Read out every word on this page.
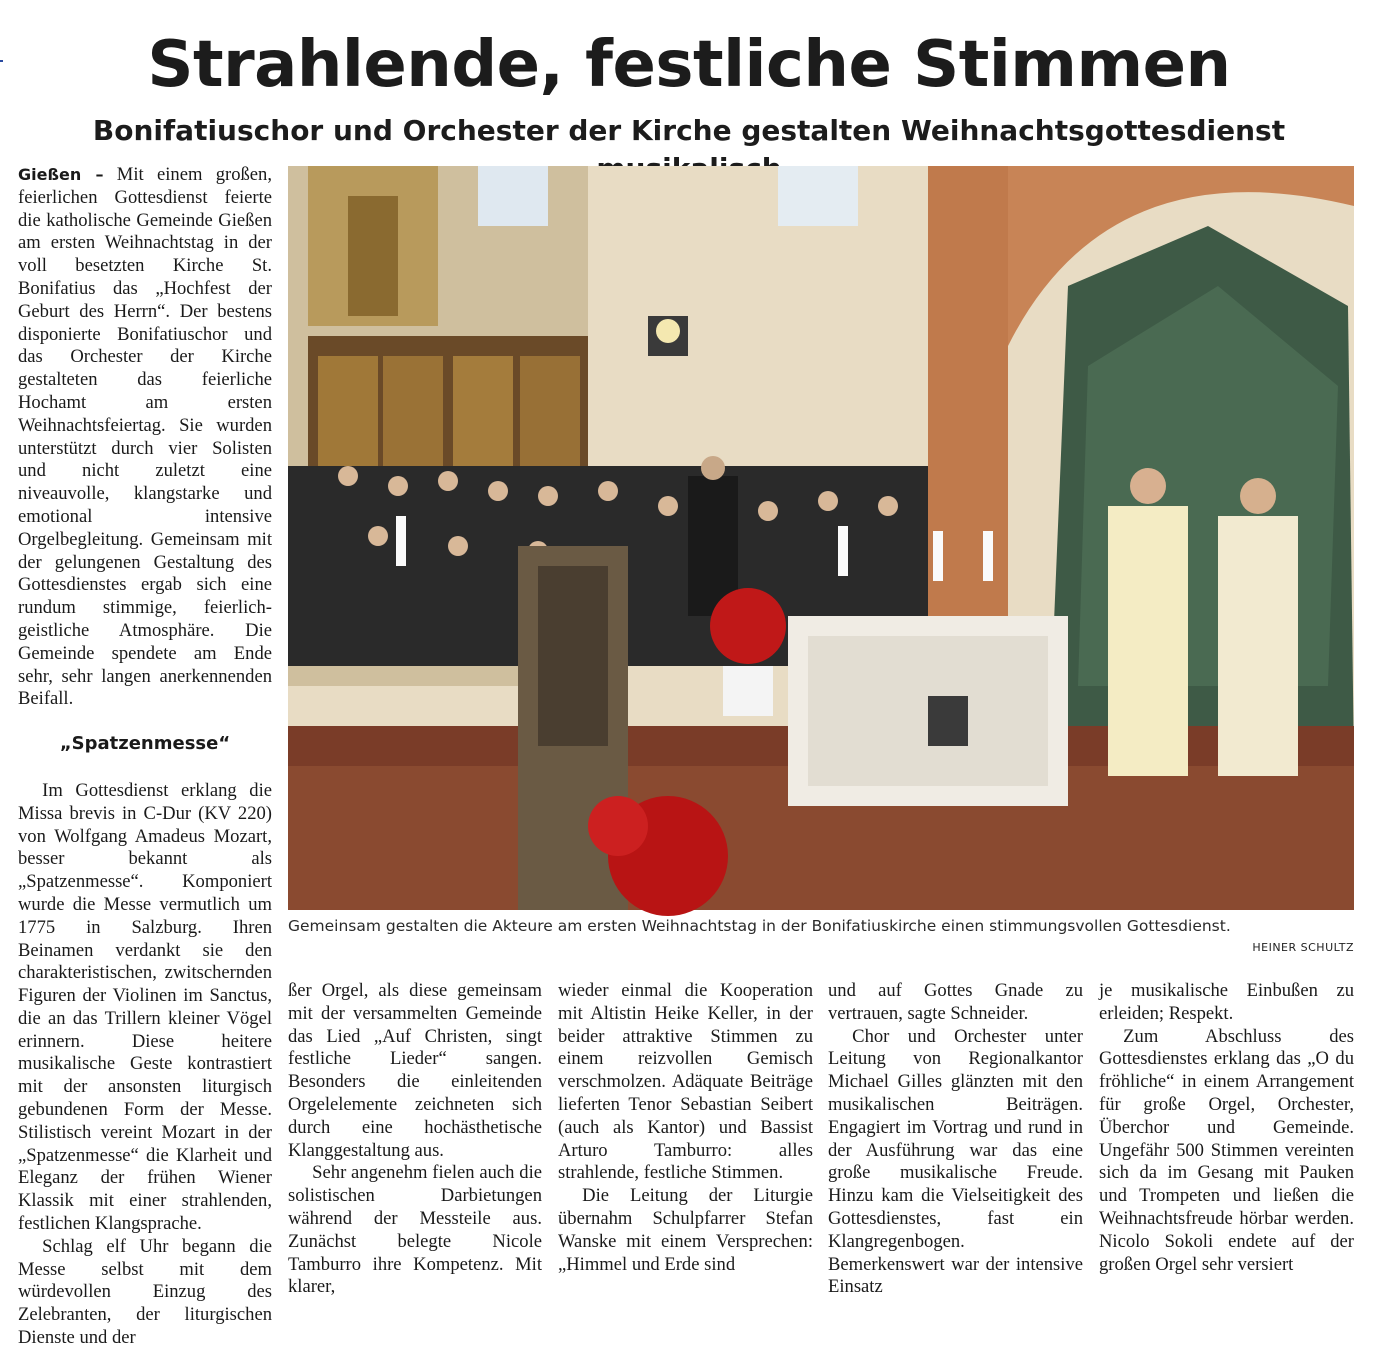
Strahlende, festliche Stimmen
Bonifatiuschor und Orchester der Kirche gestalten Weihnachtsgottesdienst

Gießen – Mit einem großen, feierlichen Gottesdienst feierte die katholische Gemeinde Gießen am ersten Weihnachtstag in der voll besetzten Kirche St. Bonifatius das „Hochfest der Geburt des Herrn“. Der bestens disponierte Bonifatiuschor und das Orchester der Kirche gestalteten das feierliche Hochamt am ersten Weihnachtsfeiertag. Sie wurden unterstützt durch vier Solisten und nicht zuletzt eine niveauvolle, klangstarke und emotional intensive Orgelbegleitung. Gemeinsam mit der gelungenen Gestaltung des Gottesdienstes ergab sich eine rundum stimmige, feierlich-geistliche Atmosphäre. Die Gemeinde spendete am Ende sehr, sehr langen anerkennenden Beifall.

„Spatzenmesse“

Im Gottesdienst erklang die Missa brevis in C-Dur (KV 220) von Wolfgang Amadeus Mozart, besser bekannt als „Spatzenmesse“. Komponiert wurde die Messe vermutlich um 1775 in Salzburg. Ihren Beinamen verdankt sie den charakteristischen, zwitschernden Figuren der Violinen im Sanctus, die an das Trillern kleiner Vögel erinnern. Diese heitere musikalische Geste kontrastiert mit der ansonsten liturgisch gebundenen Form der Messe. Stilistisch vereint Mozart in der „Spatzenmesse“ die Klarheit und Eleganz der frühen Wiener Klassik mit einer strahlenden, festlichen Klangsprache.

Schlag elf Uhr begann die Messe selbst mit dem würdevollen Einzug des Zelebranten, der liturgischen Dienste und der

Gemeinsam gestalten die Akteure am ersten Weihnachtstag in der Bonifatiuskirche einen stimmungsvollen Gottesdienst.
HEINER SCHULTZ

ßer Orgel, als diese gemeinsam mit der versammelten Gemeinde das Lied „Auf Christen, singt festliche Lieder“ sangen. Besonders die einleitenden Orgelelemente zeichneten sich durch eine hochästhetische Klanggestaltung aus.

Sehr angenehm fielen auch die solistischen Darbietungen während der Messteile aus. Zunächst belegte Nicole Tamburro ihre Kompetenz. Mit klarer,

wieder einmal die Kooperation mit Altistin Heike Keller, in der beider attraktive Stimmen zu einem reizvollen Gemisch verschmolzen. Adäquate Beiträge lieferten Tenor Sebastian Seibert (auch als Kantor) und Bassist Arturo Tamburro: alles strahlende, festliche Stimmen.

Die Leitung der Liturgie übernahm Schulpfarrer Stefan Wanske mit einem Versprechen: „Himmel und Erde sind

und auf Gottes Gnade zu vertrauen, sagte Schneider.

Chor und Orchester unter Leitung von Regionalkantor Michael Gilles glänzten mit den musikalischen Beiträgen. Engagiert im Vortrag und rund in der Ausführung war das eine große musikalische Freude. Hinzu kam die Vielseitigkeit des Gottesdienstes, fast ein Klangregenbogen. Bemerkenswert war der intensive Einsatz

je musikalische Einbußen zu erleiden; Respekt.

Zum Abschluss des Gottesdienstes erklang das „O du fröhliche“ in einem Arrangement für große Orgel, Orchester, Überchor und Gemeinde. Ungefähr 500 Stimmen vereinten sich da im Gesang mit Pauken und Trompeten und ließen die Weihnachtsfreude hörbar werden. Nicolo Sokoli endete auf der großen Orgel sehr versiert
